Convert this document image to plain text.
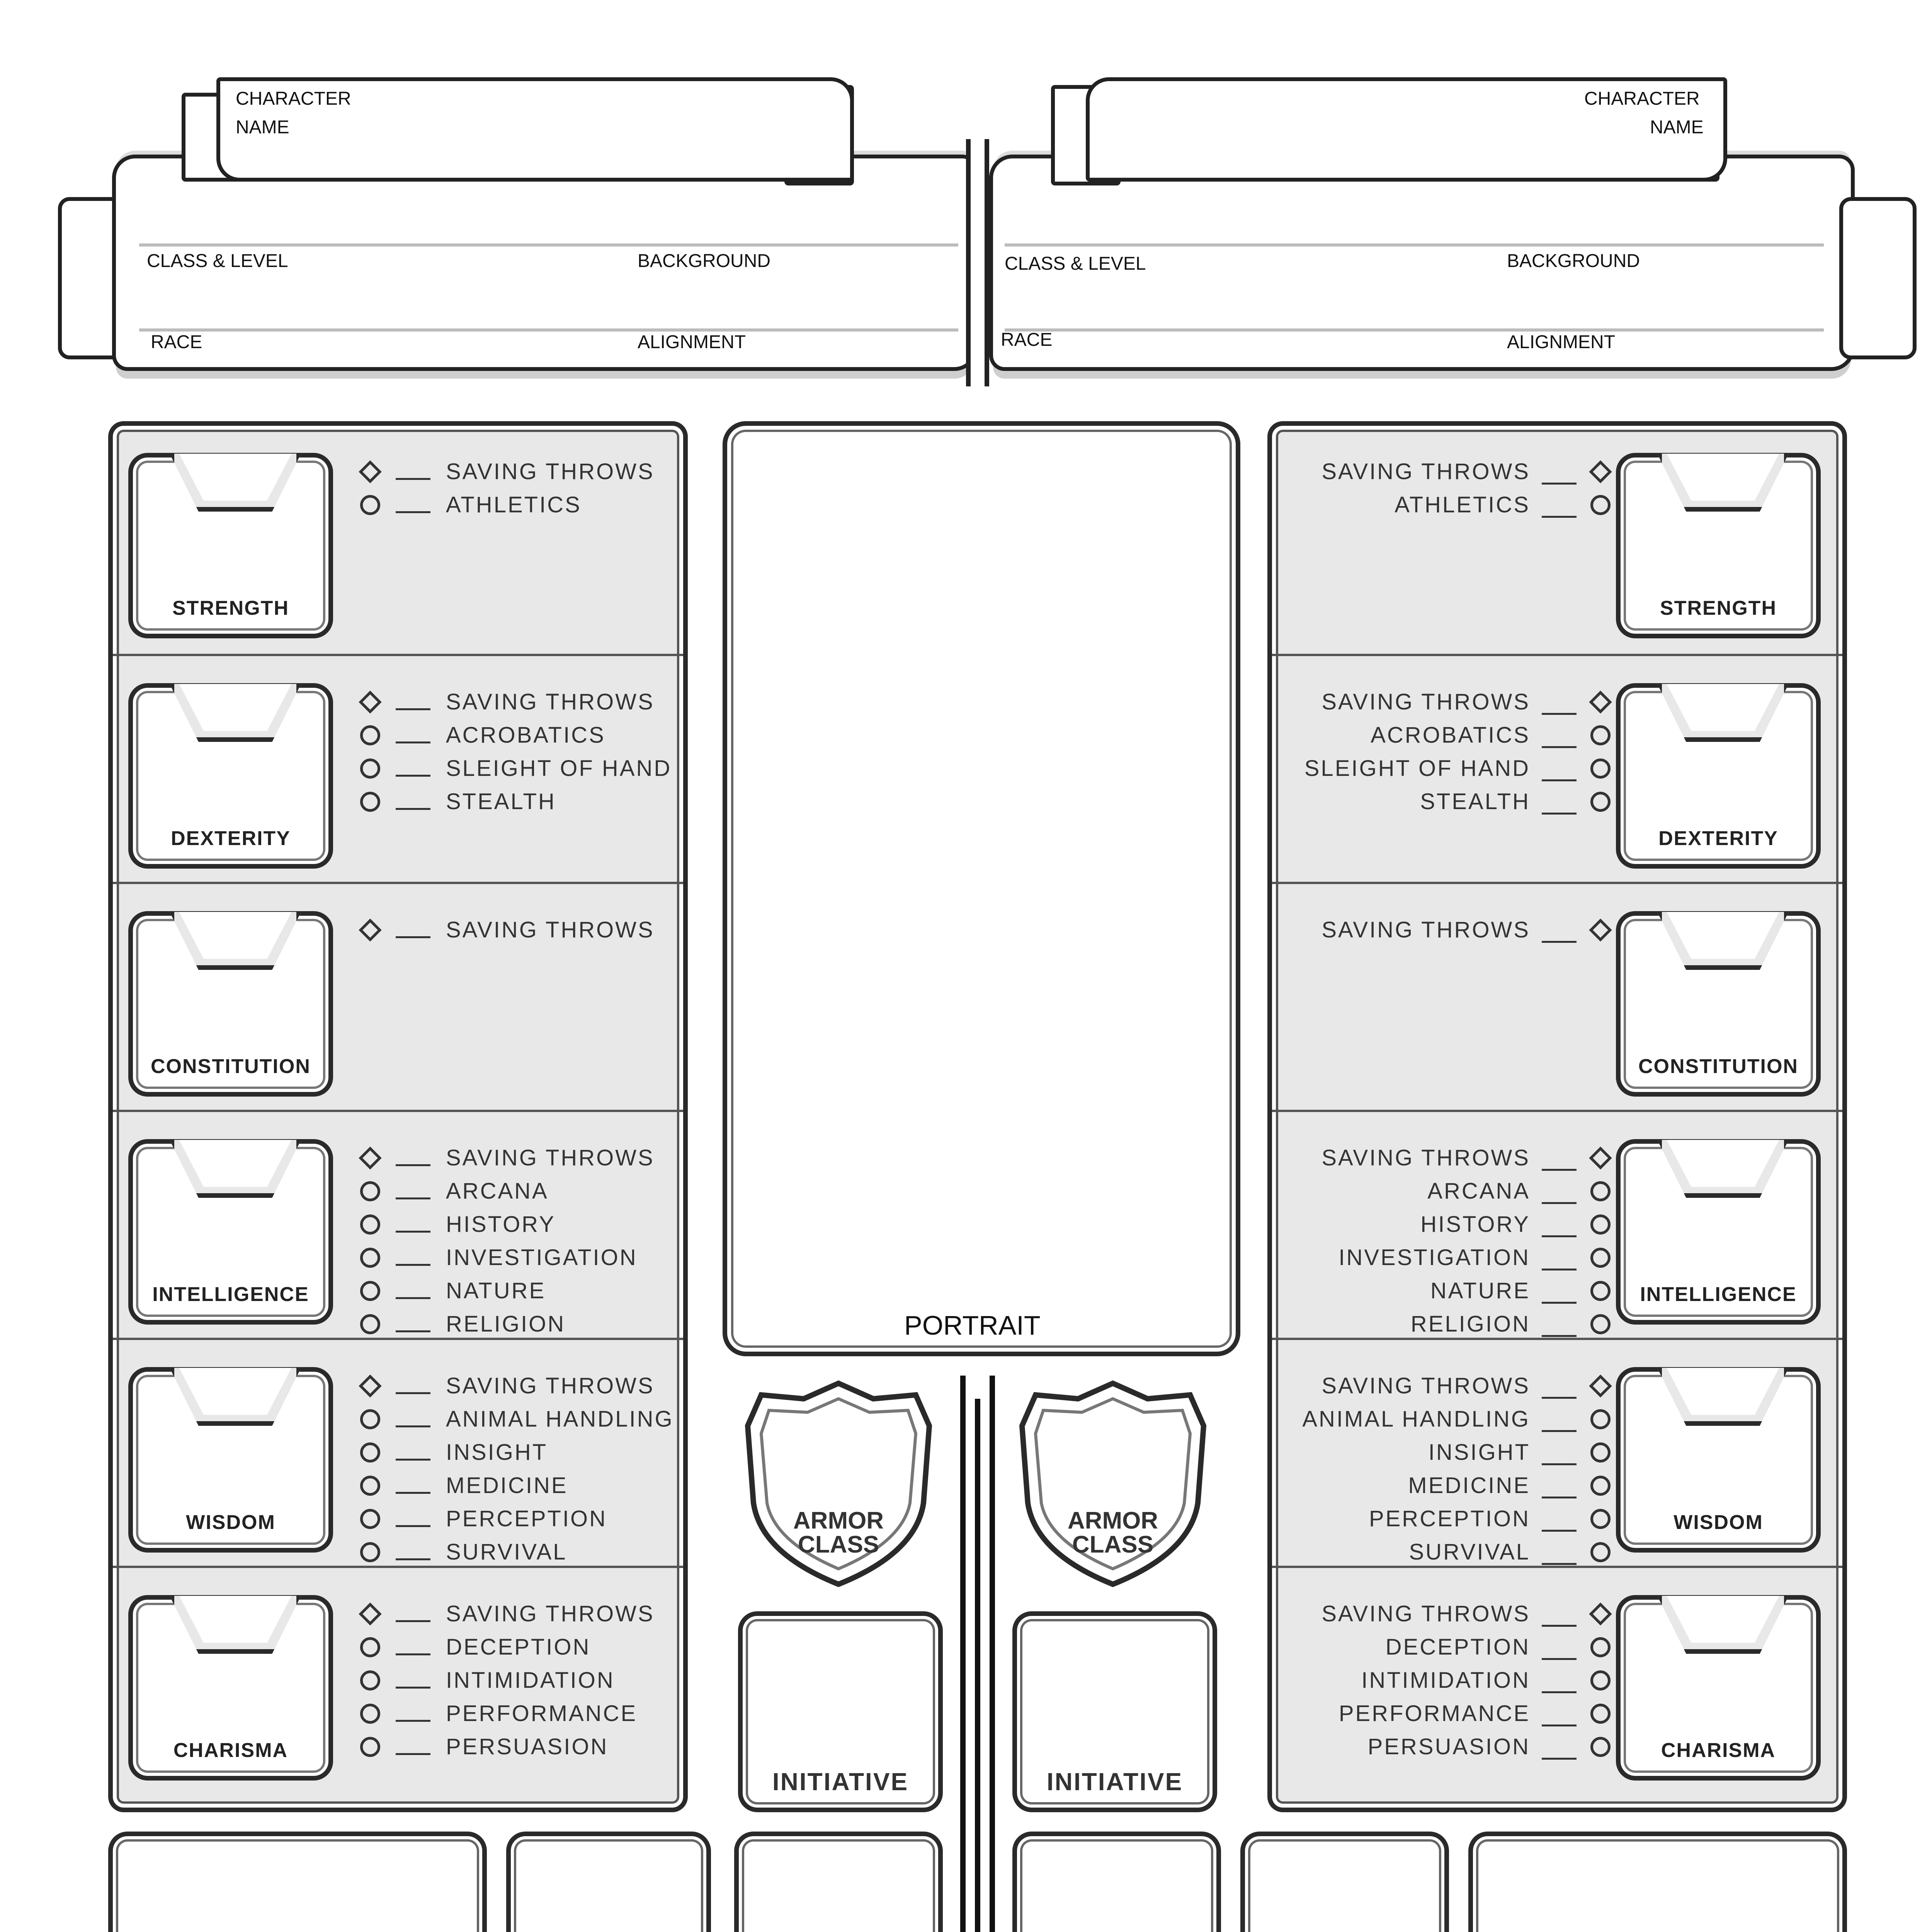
CHARACTER
NAME
CLASS & LEVEL	BACKGROUND
RACE	ALIGNMENT
CHARACTER
NAME
CLASS & LEVEL	BACKGROUND
RACE	ALIGNMENT
STRENGTH
SAVING THROWS
ATHLETICS
DEXTERITY
SAVING THROWS
ACROBATICS
SLEIGHT OF HAND
STEALTH
CONSTITUTION
SAVING THROWS
INTELLIGENCE
SAVING THROWS
ARCANA
HISTORY
INVESTIGATION
NATURE
RELIGION
WISDOM
SAVING THROWS
ANIMAL HANDLING
INSIGHT
MEDICINE
PERCEPTION
SURVIVAL
CHARISMA
SAVING THROWS
DECEPTION
INTIMIDATION
PERFORMANCE
PERSUASION
STRENGTH
SAVING THROWS
ATHLETICS
DEXTERITY
SAVING THROWS
ACROBATICS
SLEIGHT OF HAND
STEALTH
CONSTITUTION
SAVING THROWS
INTELLIGENCE
SAVING THROWS
ARCANA
HISTORY
INVESTIGATION
NATURE
RELIGION
WISDOM
SAVING THROWS
ANIMAL HANDLING
INSIGHT
MEDICINE
PERCEPTION
SURVIVAL
CHARISMA
SAVING THROWS
DECEPTION
INTIMIDATION
PERFORMANCE
PERSUASION
PORTRAIT
ARMOR
CLASS
ARMOR
CLASS
INITIATIVE	INITIATIVE
